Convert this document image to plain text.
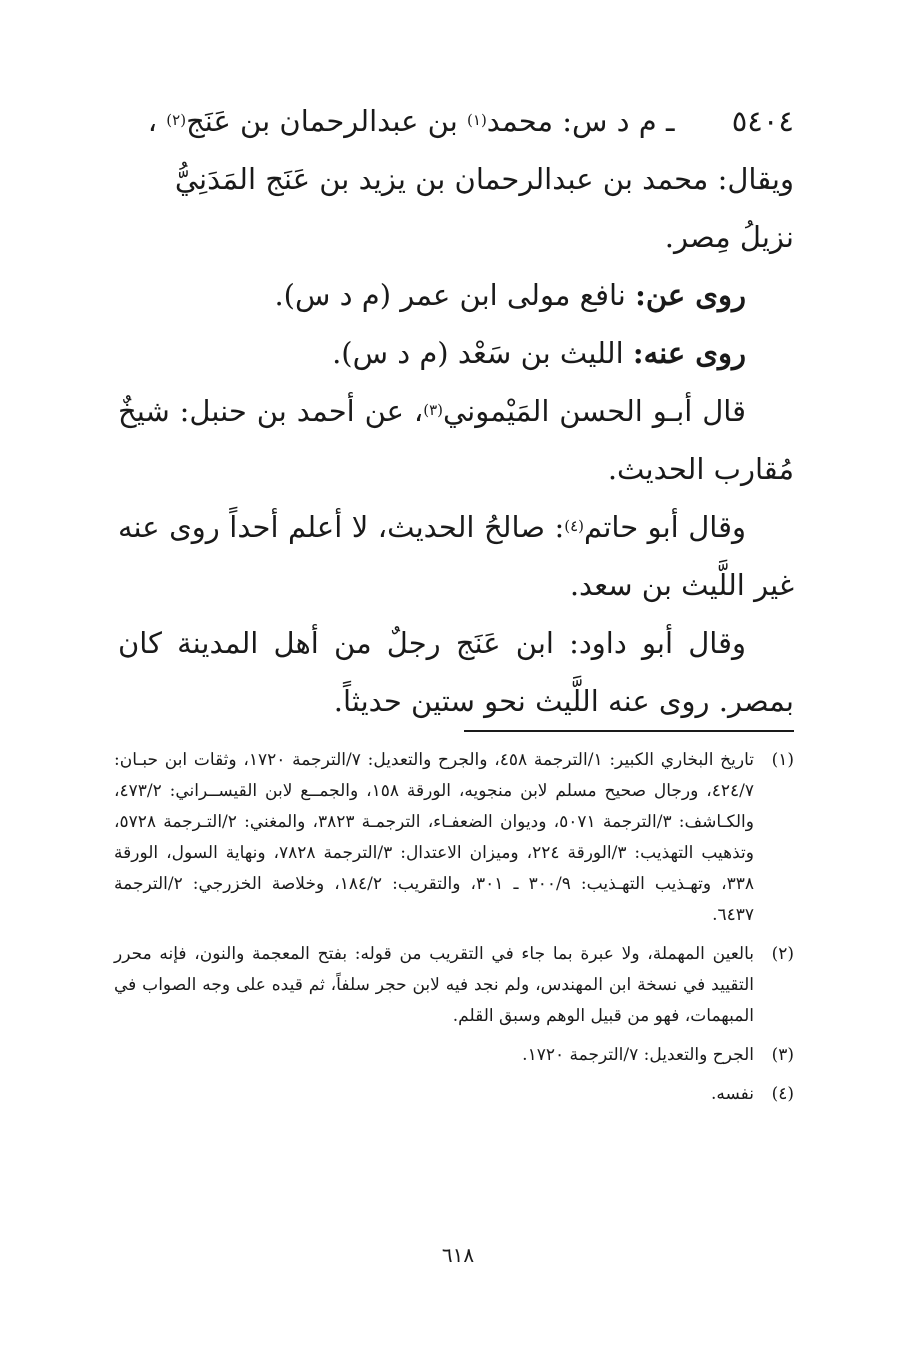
٥٤٠٤ ـ م د س: محمد$^{(١)}$ بن عبدالرحمان بن عَنَج$^{(٢)}$ ، ويقال: محمد بن عبدالرحمان بن يزيد بن عَنَج المَدَنِيُّ نزيلُ مِصر.

روى عن: نافع مولى ابن عمر (م د س).

روى عنه: الليث بن سَعْد (م د س).

قال أبـو الحسن المَيْموني$^{(٣)}$، عن أحمد بن حنبل: شيخٌ مُقارب الحديث.

وقال أبو حاتم$^{(٤)}$: صالحُ الحديث، لا أعلم أحداً روى عنه غير اللَّيث بن سعد.

وقال أبو داود: ابن عَنَج رجلٌ من أهل المدينة كان بمصر. روى عنه اللَّيث نحو ستين حديثاً.

(١)
تاريخ البخاري الكبير: ١/الترجمة ٤٥٨، والجرح والتعديل: ٧/الترجمة ١٧٢٠، وثقات ابن حبـان: ٤٢٤/٧، ورجال صحيح مسلم لابن منجويه، الورقة ١٥٨، والجمــع لابن القيســراني: ٤٧٣/٢، والكـاشف: ٣/الترجمة ٥٠٧١، وديوان الضعفـاء، الترجمـة ٣٨٢٣، والمغني: ٢/التـرجمة ٥٧٢٨، وتذهيب التهذيب: ٣/الورقة ٢٢٤، وميزان الاعتدال: ٣/الترجمة ٧٨٢٨، ونهاية السول، الورقة ٣٣٨، وتهـذيب التهـذيب: ٣٠٠/٩ ـ ٣٠١، والتقريب: ١٨٤/٢، وخلاصة الخزرجي: ٢/الترجمة ٦٤٣٧.
(٢)
بالعين المهملة، ولا عبرة بما جاء في التقريب من قوله: بفتح المعجمة والنون، فإنه محرر التقييد في نسخة ابن المهندس، ولم نجد فيه لابن حجر سلفاً، ثم قيده على وجه الصواب في المبهمات، فهو من قبيل الوهم وسبق القلم.
(٣)
الجرح والتعديل: ٧/الترجمة ١٧٢٠.
(٤)
نفسه.
٦١٨
